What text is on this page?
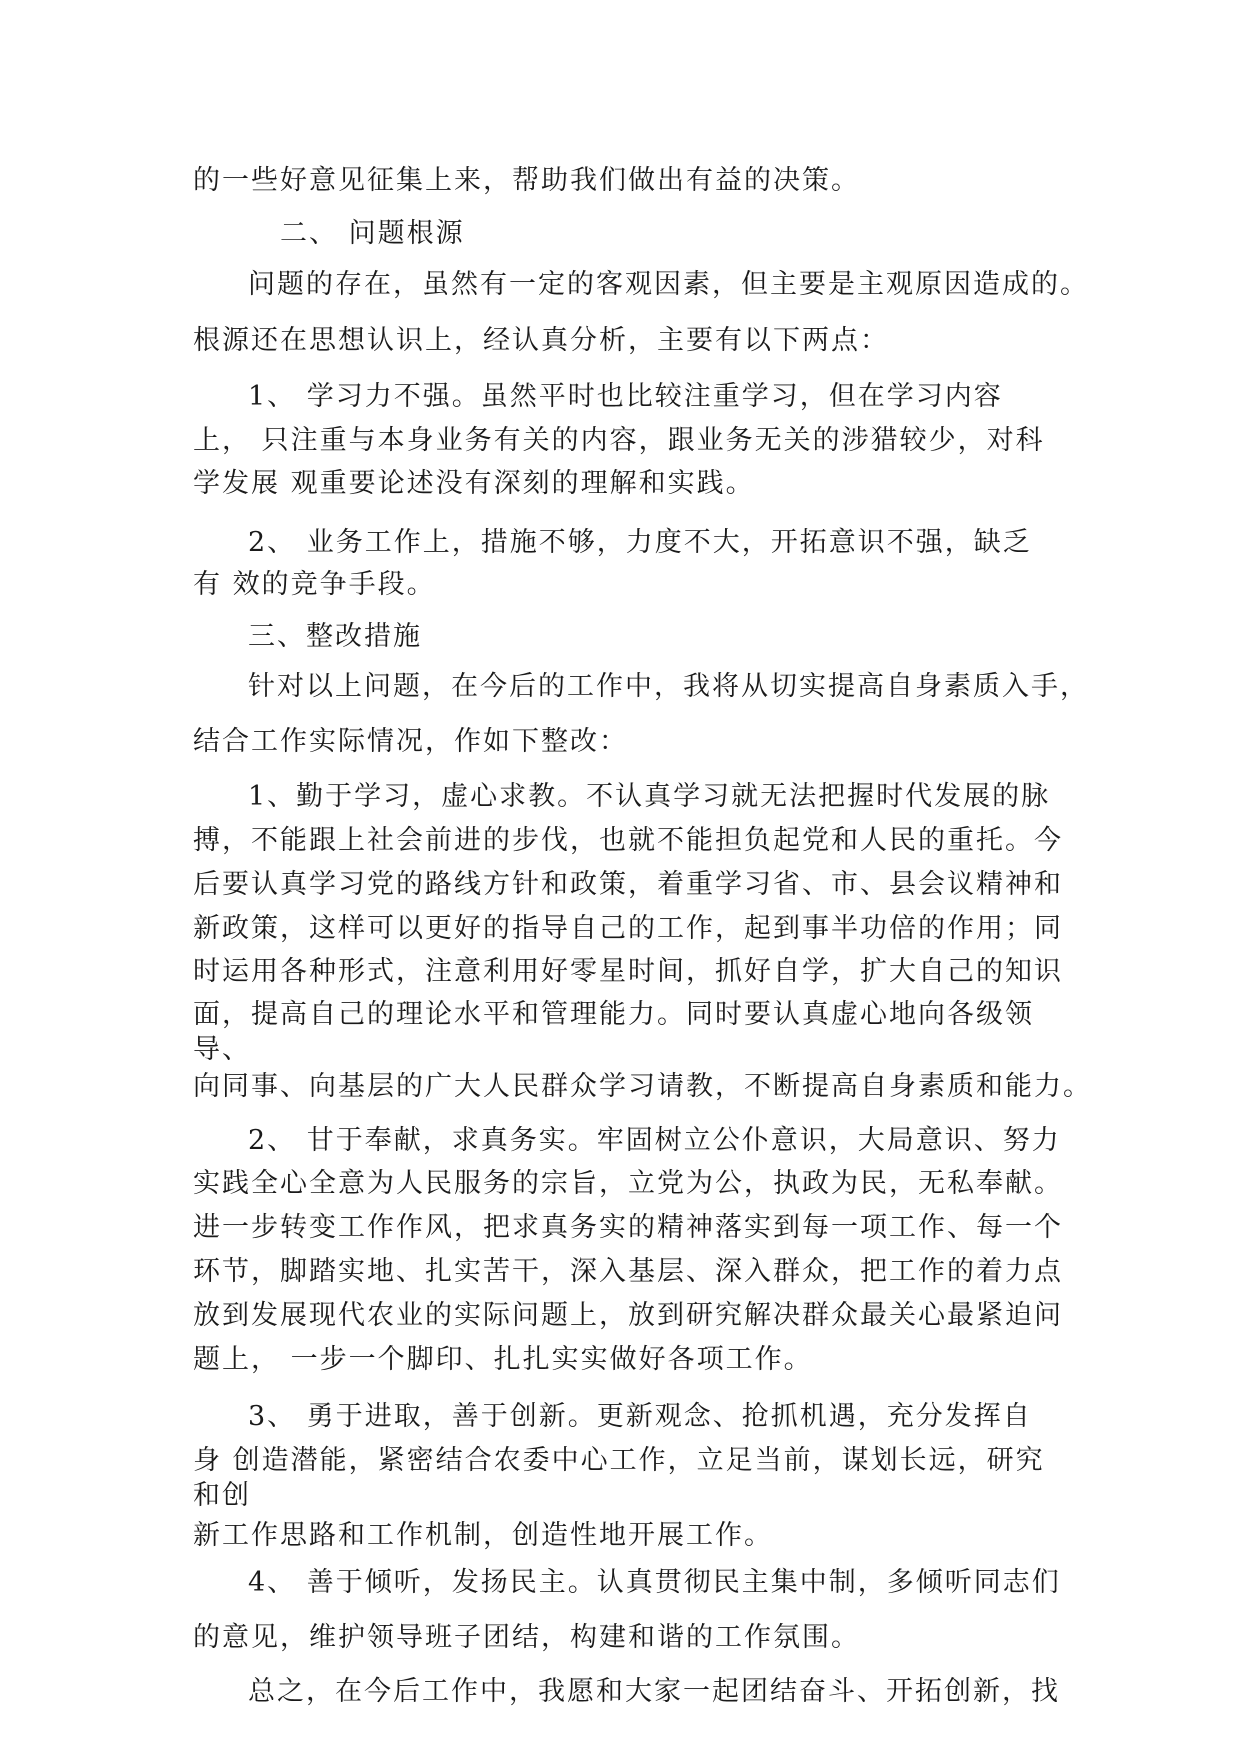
的一些好意见征集上来，帮助我们做出有益的决策。
二、 问题根源
问题的存在，虽然有一定的客观因素，但主要是主观原因造成的。
根源还在思想认识上，经认真分析，主要有以下两点：
1、 学习力不强。虽然平时也比较注重学习，但在学习内容
上， 只注重与本身业务有关的内容，跟业务无关的涉猎较少，对科
学发展 观重要论述没有深刻的理解和实践。
2、 业务工作上，措施不够，力度不大，开拓意识不强，缺乏
有 效的竞争手段。
三、整改措施
针对以上问题，在今后的工作中，我将从切实提高自身素质入手，
结合工作实际情况，作如下整改：
1、勤于学习，虚心求教。不认真学习就无法把握时代发展的脉
搏，不能跟上社会前进的步伐，也就不能担负起党和人民的重托。今
后要认真学习党的路线方针和政策，着重学习省、市、县会议精神和
新政策，这样可以更好的指导自己的工作，起到事半功倍的作用；同
时运用各种形式，注意利用好零星时间，抓好自学，扩大自己的知识
面，提高自己的理论水平和管理能力。同时要认真虚心地向各级领
导、
向同事、向基层的广大人民群众学习请教，不断提高自身素质和能力。
2、 甘于奉献，求真务实。牢固树立公仆意识，大局意识、努力
实践全心全意为人民服务的宗旨，立党为公，执政为民，无私奉献。
进一步转变工作作风，把求真务实的精神落实到每一项工作、每一个
环节，脚踏实地、扎实苦干，深入基层、深入群众，把工作的着力点
放到发展现代农业的实际问题上，放到研究解决群众最关心最紧迫问
题上， 一步一个脚印、扎扎实实做好各项工作。
3、 勇于进取，善于创新。更新观念、抢抓机遇，充分发挥自
身 创造潜能，紧密结合农委中心工作，立足当前，谋划长远，研究
和创
新工作思路和工作机制，创造性地开展工作。
4、 善于倾听，发扬民主。认真贯彻民主集中制，多倾听同志们
的意见，维护领导班子团结，构建和谐的工作氛围。
总之，在今后工作中，我愿和大家一起团结奋斗、开拓创新，找
